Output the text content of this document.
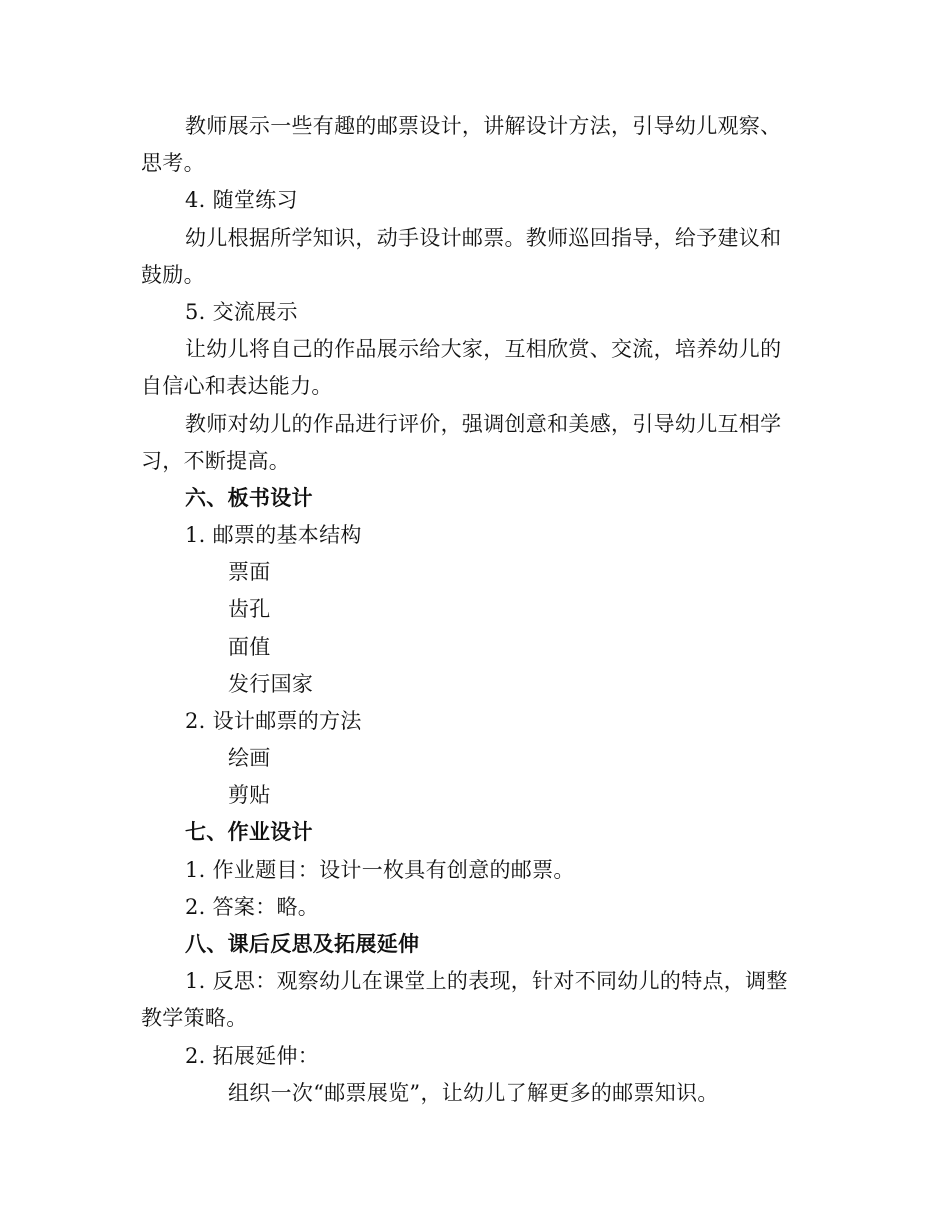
教师展示一些有趣的邮票设计，讲解设计方法，引导幼儿观察、
思考。
4. 随堂练习
幼儿根据所学知识，动手设计邮票。教师巡回指导，给予建议和
鼓励。
5. 交流展示
让幼儿将自己的作品展示给大家，互相欣赏、交流，培养幼儿的
自信心和表达能力。
教师对幼儿的作品进行评价，强调创意和美感，引导幼儿互相学
习，不断提高。
六、板书设计
1. 邮票的基本结构
票面
齿孔
面值
发行国家
2. 设计邮票的方法
绘画
剪贴
七、作业设计
1. 作业题目：设计一枚具有创意的邮票。
2. 答案：略。
八、课后反思及拓展延伸
1. 反思：观察幼儿在课堂上的表现，针对不同幼儿的特点，调整
教学策略。
2. 拓展延伸：
组织一次“邮票展览”，让幼儿了解更多的邮票知识。
